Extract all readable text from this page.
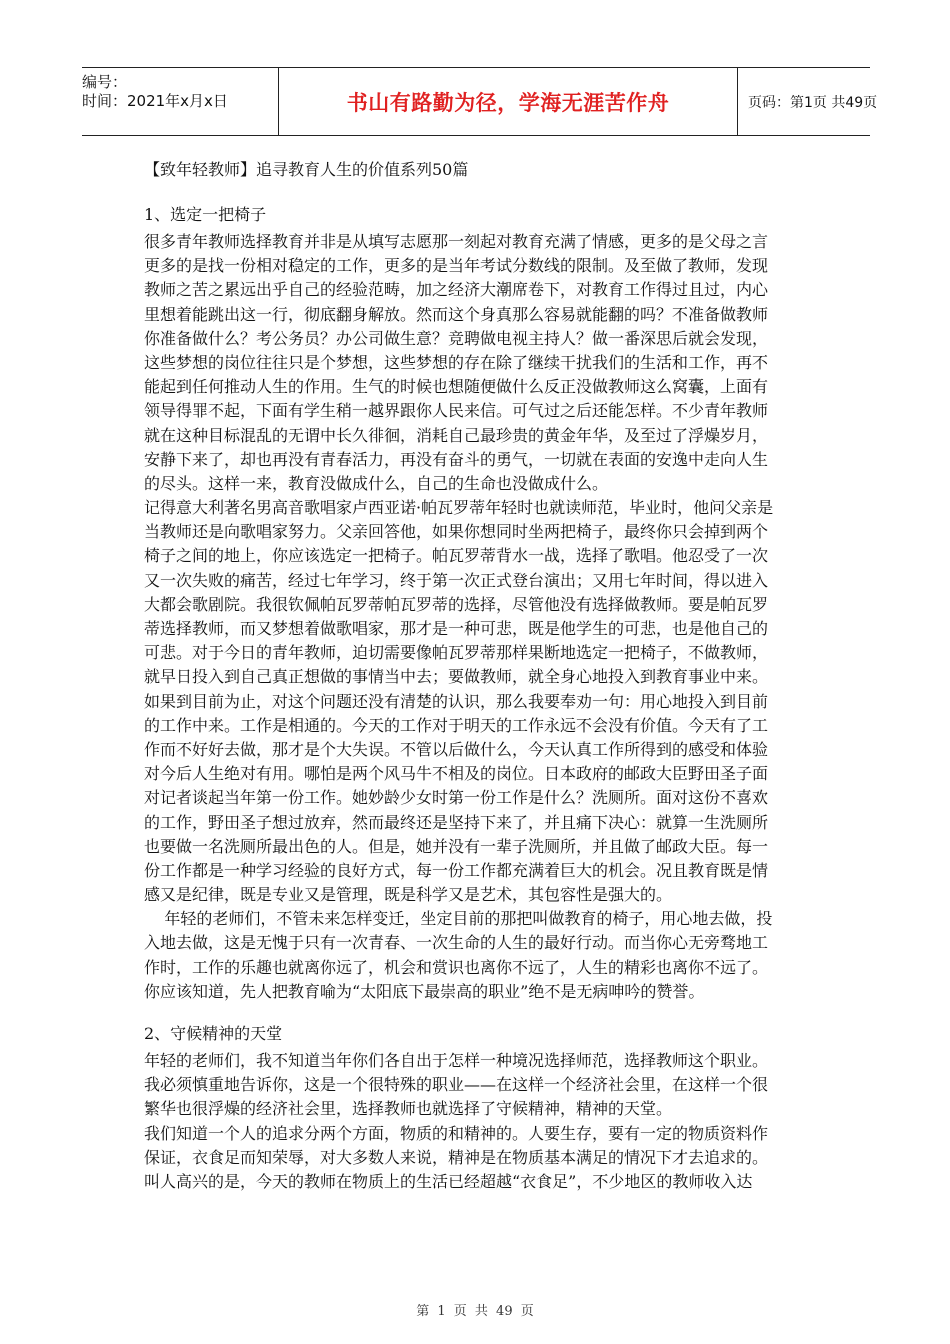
编号：
时间：2021年x月x日	书山有路勤为径，学海无涯苦作舟	页码：第1页 共49页
【致年轻教师】追寻教育人生的价值系列50篇
1、选定一把椅子
很多青年教师选择教育并非是从填写志愿那一刻起对教育充满了情感，更多的是父母之言
更多的是找一份相对稳定的工作，更多的是当年考试分数线的限制。及至做了教师，发现
教师之苦之累远出乎自己的经验范畴，加之经济大潮席卷下，对教育工作得过且过，内心
里想着能跳出这一行，彻底翻身解放。然而这个身真那么容易就能翻的吗？不准备做教师
你准备做什么？考公务员？办公司做生意？竞聘做电视主持人？做一番深思后就会发现，
这些梦想的岗位往往只是个梦想，这些梦想的存在除了继续干扰我们的生活和工作，再不
能起到任何推动人生的作用。生气的时候也想随便做什么反正没做教师这么窝囊，上面有
领导得罪不起，下面有学生稍一越界跟你人民来信。可气过之后还能怎样。不少青年教师
就在这种目标混乱的无谓中长久徘徊，消耗自己最珍贵的黄金年华，及至过了浮燥岁月，
安静下来了，却也再没有青春活力，再没有奋斗的勇气，一切就在表面的安逸中走向人生
的尽头。这样一来，教育没做成什么，自己的生命也没做成什么。
记得意大利著名男高音歌唱家卢西亚诺·帕瓦罗蒂年轻时也就读师范，毕业时，他问父亲是
当教师还是向歌唱家努力。父亲回答他，如果你想同时坐两把椅子，最终你只会掉到两个
椅子之间的地上，你应该选定一把椅子。帕瓦罗蒂背水一战，选择了歌唱。他忍受了一次
又一次失败的痛苦，经过七年学习，终于第一次正式登台演出；又用七年时间，得以进入
大都会歌剧院。我很钦佩帕瓦罗蒂帕瓦罗蒂的选择，尽管他没有选择做教师。要是帕瓦罗
蒂选择教师，而又梦想着做歌唱家，那才是一种可悲，既是他学生的可悲，也是他自己的
可悲。对于今日的青年教师，迫切需要像帕瓦罗蒂那样果断地选定一把椅子，不做教师，
就早日投入到自己真正想做的事情当中去；要做教师，就全身心地投入到教育事业中来。
如果到目前为止，对这个问题还没有清楚的认识，那么我要奉劝一句：用心地投入到目前
的工作中来。工作是相通的。今天的工作对于明天的工作永远不会没有价值。今天有了工
作而不好好去做，那才是个大失误。不管以后做什么，今天认真工作所得到的感受和体验
对今后人生绝对有用。哪怕是两个风马牛不相及的岗位。日本政府的邮政大臣野田圣子面
对记者谈起当年第一份工作。她妙龄少女时第一份工作是什么？洗厕所。面对这份不喜欢
的工作，野田圣子想过放弃，然而最终还是坚持下来了，并且痛下决心：就算一生洗厕所
也要做一名洗厕所最出色的人。但是，她并没有一辈子洗厕所，并且做了邮政大臣。每一
份工作都是一种学习经验的良好方式，每一份工作都充满着巨大的机会。况且教育既是情
感又是纪律，既是专业又是管理，既是科学又是艺术，其包容性是强大的。
年轻的老师们，不管未来怎样变迁，坐定目前的那把叫做教育的椅子，用心地去做，投
入地去做，这是无愧于只有一次青春、一次生命的人生的最好行动。而当你心无旁骛地工
作时，工作的乐趣也就离你远了，机会和赏识也离你不远了，人生的精彩也离你不远了。
你应该知道，先人把教育喻为“太阳底下最崇高的职业”绝不是无病呻吟的赞誉。
2、守候精神的天堂
年轻的老师们，我不知道当年你们各自出于怎样一种境况选择师范，选择教师这个职业。
我必须慎重地告诉你，这是一个很特殊的职业——在这样一个经济社会里，在这样一个很
繁华也很浮燥的经济社会里，选择教师也就选择了守候精神，精神的天堂。
我们知道一个人的追求分两个方面，物质的和精神的。人要生存，要有一定的物质资料作
保证，衣食足而知荣辱，对大多数人来说，精神是在物质基本满足的情况下才去追求的。
叫人高兴的是，今天的教师在物质上的生活已经超越“衣食足”，不少地区的教师收入达
第 1 页 共 49 页
